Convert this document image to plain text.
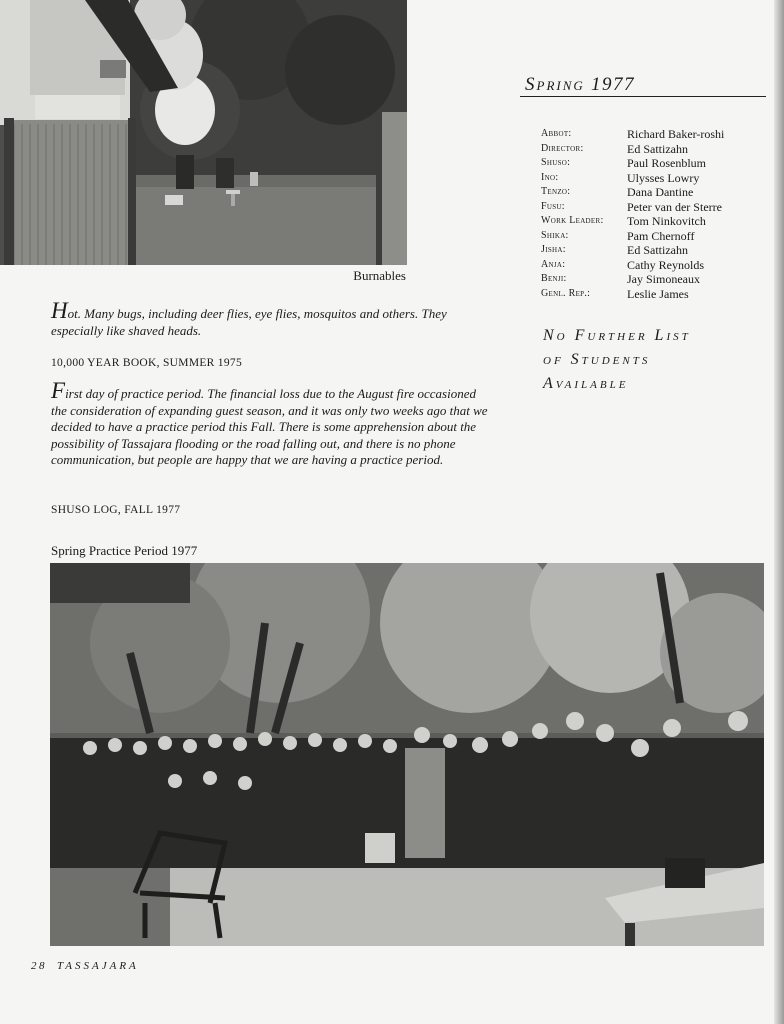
Burnables
Spring 1977
Abbot:	Richard Baker-roshi
Director:	Ed Sattizahn
Shuso:	Paul Rosenblum
Ino:	Ulysses Lowry
Tenzo:	Dana Dantine
Fusu:	Peter van der Sterre
Work Leader:	Tom Ninkovitch
Shika:	Pam Chernoff
Jisha:	Ed Sattizahn
Anja:	Cathy Reynolds
Benji:	Jay Simoneaux
Genl. Rep.:	Leslie James
No Further List
of Students
Available
Hot. Many bugs, including deer flies, eye flies, mosquitos and others. They especially like shaved heads.
10,000 YEAR BOOK, SUMMER 1975
First day of practice period. The financial loss due to the August fire occasioned the consideration of expanding guest season, and it was only two weeks ago that we decided to have a practice period this Fall. There is some apprehension about the possibility of Tassajara flooding or the road falling out, and there is no phone communication, but people are happy that we are having a practice period.
SHUSO LOG, FALL 1977
Spring Practice Period 1977
28 TASSAJARA
